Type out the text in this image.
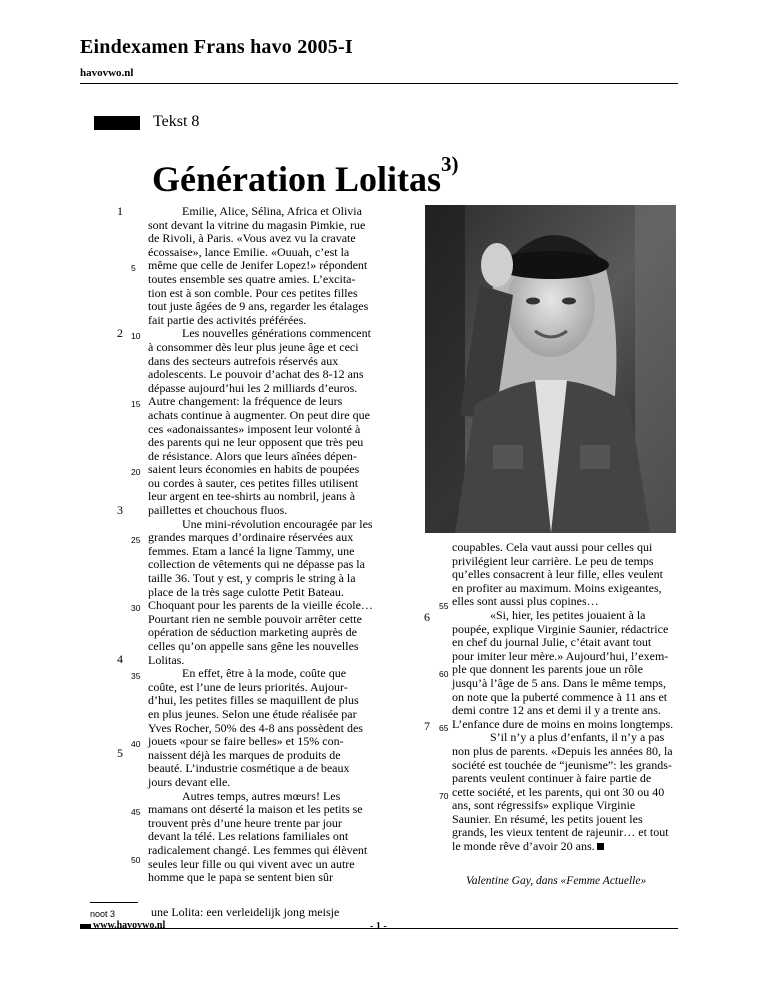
Eindexamen Frans havo 2005-I
havovwo.nl
Tekst 8
Génération Lolitas$^{3)}$
1
2
3
4
5
6
7
5
10
15
20
25
30
35
40
45
50
55
60
65
70
Emilie, Alice, Sélina, Africa et Olivia
sont devant la vitrine du magasin Pimkie, rue
de Rivoli, à Paris. «Vous avez vu la cravate
écossaise», lance Emilie. «Ouuah, c’est la
même que celle de Jenifer Lopez!» répondent
toutes ensemble ses quatre amies. L’excita-
tion est à son comble. Pour ces petites filles
tout juste âgées de 9 ans, regarder les étalages
fait partie des activités préférées.
Les nouvelles générations commencent
à consommer dès leur plus jeune âge et ceci
dans des secteurs autrefois réservés aux
adolescents. Le pouvoir d’achat des 8-12 ans
dépasse aujourd’hui les 2 milliards d’euros.
Autre changement: la fréquence de leurs
achats continue à augmenter. On peut dire que
ces «adonaissantes» imposent leur volonté à
des parents qui ne leur opposent que très peu
de résistance. Alors que leurs aînées dépen-
saient leurs économies en habits de poupées
ou cordes à sauter, ces petites filles utilisent
leur argent en tee-shirts au nombril, jeans à
paillettes et chouchous fluos.
Une mini-révolution encouragée par les
grandes marques d’ordinaire réservées aux
femmes. Etam a lancé la ligne Tammy, une
collection de vêtements qui ne dépasse pas la
taille 36. Tout y est, y compris le string à la
place de la très sage culotte Petit Bateau.
Choquant pour les parents de la vieille école…
Pourtant rien ne semble pouvoir arrêter cette
opération de séduction marketing auprès de
celles qu’on appelle sans gêne les nouvelles
Lolitas.
En effet, être à la mode, coûte que
coûte, est l’une de leurs priorités. Aujour-
d’hui, les petites filles se maquillent de plus
en plus jeunes. Selon une étude réalisée par
Yves Rocher, 50% des 4-8 ans possèdent des
jouets «pour se faire belles» et 15% con-
naissent déjà les marques de produits de
beauté. L’industrie cosmétique a de beaux
jours devant elle.
Autres temps, autres mœurs! Les
mamans ont déserté la maison et les petits se
trouvent près d’une heure trente par jour
devant la télé. Les relations familiales ont
radicalement changé. Les femmes qui élèvent
seules leur fille ou qui vivent avec un autre
homme que le papa se sentent bien sûr
coupables. Cela vaut aussi pour celles qui
privilégient leur carrière. Le peu de temps
qu’elles consacrent à leur fille, elles veulent
en profiter au maximum. Moins exigeantes,
elles sont aussi plus copines…
«Si, hier, les petites jouaient à la
poupée, explique Virginie Saunier, rédactrice
en chef du journal Julie, c’était avant tout
pour imiter leur mère.» Aujourd’hui, l’exem-
ple que donnent les parents joue un rôle
jusqu’à l’âge de 5 ans. Dans le même temps,
on note que la puberté commence à 11 ans et
demi contre 12 ans et demi il y a trente ans.
L’enfance dure de moins en moins longtemps.
S’il n’y a plus d’enfants, il n’y a pas
non plus de parents. «Depuis les années 80, la
société est touchée de “jeunisme”: les grands-
parents veulent continuer à faire partie de
cette société, et les parents, qui ont 30 ou 40
ans, sont régressifs» explique Virginie
Saunier. En résumé, les petits jouent les
grands, les vieux tentent de rajeunir… et tout
le monde rêve d’avoir 20 ans.
Valentine Gay, dans «Femme Actuelle»
noot 3	une Lolita: een verleidelijk jong meisje
www.havovwo.nl	- 1 -
